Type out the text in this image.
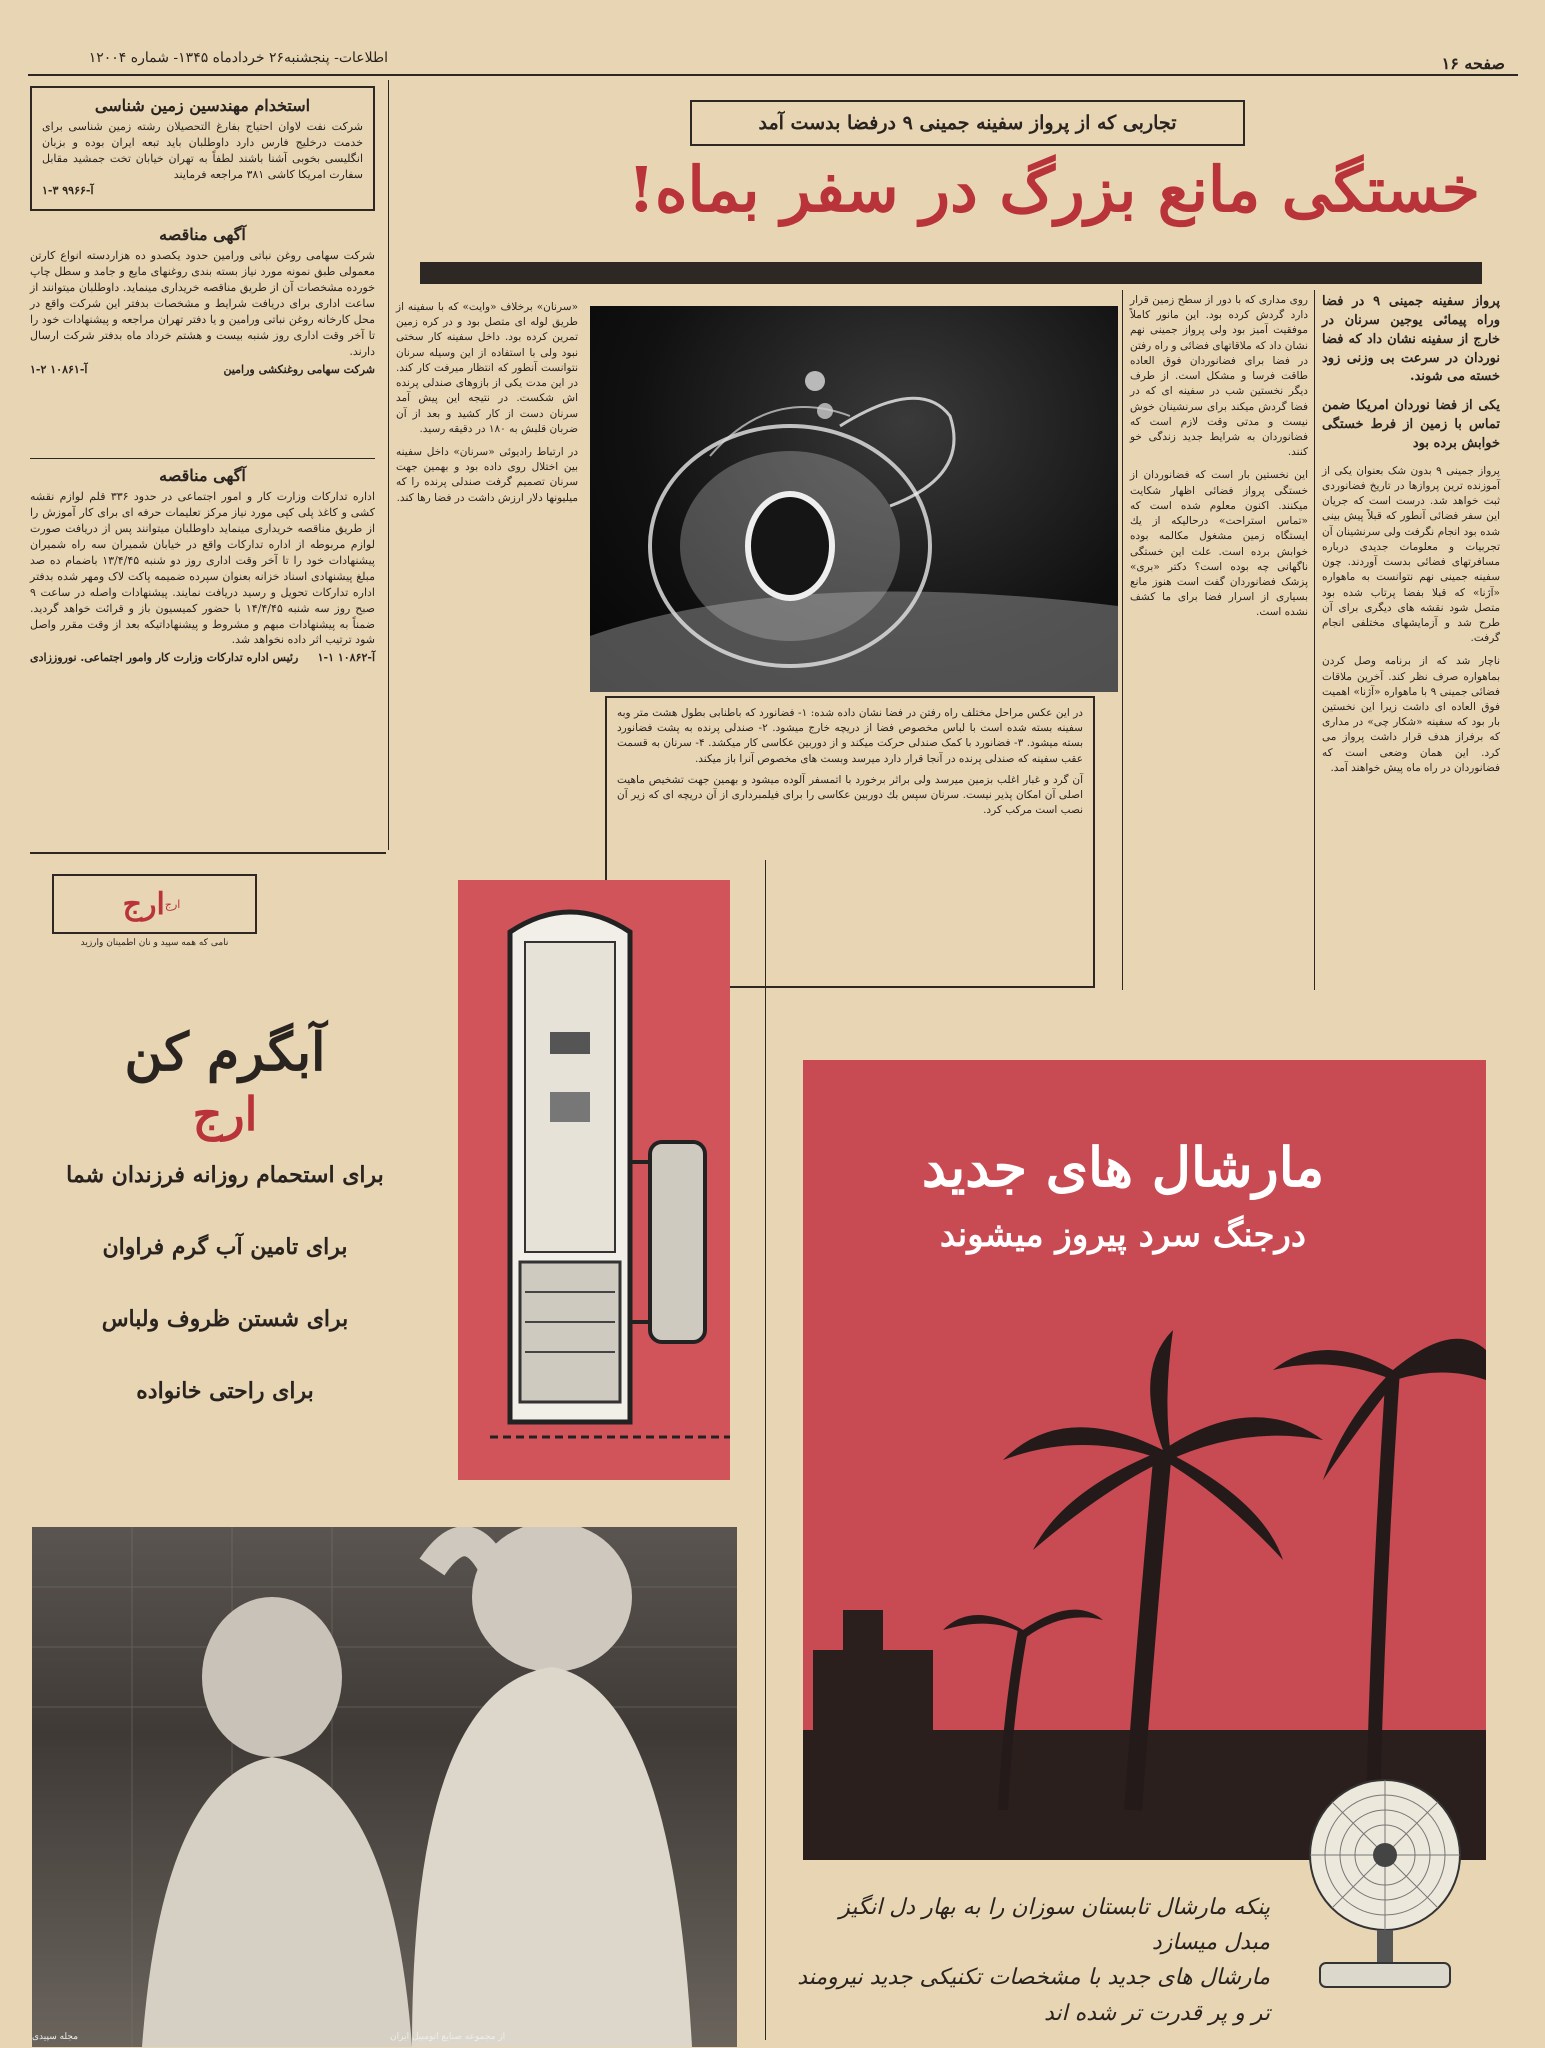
اطلاعات- پنجشنبه۲۶ خردادماه ۱۳۴۵- شماره ۱۲۰۰۴	صفحه ۱۶
استخدام مهندسین زمین شناسی
شرکت نفت لاوان احتیاج بفارغ التحصیلان رشته زمین شناسی برای خدمت درخلیج فارس دارد داوطلبان باید تبعه ایران بوده و بزبان انگلیسی بخوبی آشنا باشند لطفاً به تهران خیابان تخت جمشید مقابل سفارت امریکا کاشی ۳۸۱ مراجعه فرمایند
آ-۹۹۶۶ ۳-۱
آگهی مناقصه
شرکت سهامی روغن نباتی ورامین حدود یکصدو ده هزاردسته انواع کارتن معمولی طبق نمونه مورد نیاز بسته بندی روغنهای مایع و جامد و سطل چاپ خورده مشخصات آن از طریق مناقصه خریداری مینماید. داوطلبان میتوانند از ساعت اداری برای دریافت شرایط و مشخصات بدفتر این شرکت واقع در محل کارخانه روغن نباتی ورامین و یا دفتر تهران مراجعه و پیشنهادات خود را تا آخر وقت اداری روز شنبه بیست و هشتم خرداد ماه بدفتر شرکت ارسال دارند.
شرکت سهامی روغنکشی ورامین
آ-۱۰۸۶۱ ۲-۱
آگهی مناقصه
اداره تدارکات وزارت کار و امور اجتماعی در حدود ۳۳۶ قلم لوازم نقشه کشی و کاغذ پلی کپی مورد نیاز مرکز تعلیمات حرفه ای برای کار آموزش را از طریق مناقصه خریداری مینماید داوطلبان میتوانند پس از دریافت صورت لوازم مربوطه از اداره تدارکات واقع در خیابان شمیران سه راه شمیران پیشنهادات خود را تا آخر وقت اداری روز دو شنبه ۱۳/۴/۴۵ باضمام ده صد مبلغ پیشنهادی اسناد خزانه بعنوان سپرده ضمیمه پاکت لاک ومهر شده بدفتر اداره تدارکات تحویل و رسید دریافت نمایند. پیشنهادات واصله در ساعت ۹ صبح روز سه شنبه ۱۴/۴/۴۵ با حضور کمیسیون باز و قرائت خواهد گردید. ضمناً به پیشنهادات مبهم و مشروط و پیشنهاداتیکه بعد از وقت مقرر واصل شود ترتیب اثر داده نخواهد شد.
آ-۱۰۸۶۲ ۱-۱
رئیس اداره تدارکات وزارت کار وامور اجتماعی. نوروززادی
تجاربی که از پرواز سفینه جمینی ۹ درفضا بدست آمد
خستگی مانع بزرگ در سفر بماه!
پرواز سفینه جمینی ۹ در فضا وراه پیمائی یوجین سرنان در خارج از سفینه نشان داد که فضا نوردان در سرعت بی وزنی زود خسته می شوند.
یکی از فضا نوردان امریکا ضمن تماس با زمین از فرط خستگی خوابش برده بود
پرواز جمینی ۹ بدون شک بعنوان یکی از آموزنده ترین پروازها در تاریخ فضانوردی ثبت خواهد شد. درست است که جریان این سفر فضائی آنطور که قبلاً پیش بینی شده بود انجام نگرفت ولی سرنشینان آن تجربیات و معلومات جدیدی درباره مسافرتهای فضائی بدست آوردند. چون سفینه جمینی نهم نتوانست به ماهواره «آژنا» که قبلا بفضا پرتاب شده بود متصل شود نقشه های دیگری برای آن طرح شد و آزمایشهای مختلفی انجام گرفت.
ناچار شد که از برنامه وصل کردن بماهواره صرف نظر کند. آخرین ملاقات فضائی جمینی ۹ با ماهواره «آژنا» اهمیت فوق العاده ای داشت زیرا این نخستین بار بود که سفینه «شکار چی» در مداری که برفراز هدف قرار داشت پرواز می کرد. این همان وضعی است که فضانوردان در راه ماه پیش خواهند آمد.
روی مداری که با دور از سطح زمین قرار دارد گردش کرده بود. این مانور کاملاً موفقیت آمیز بود ولی پرواز جمینی نهم نشان داد که ملاقاتهای فضائی و راه رفتن در فضا برای فضانوردان فوق العاده طاقت فرسا و مشکل است. از طرف دیگر نخستین شب در سفینه ای که در فضا گردش میکند برای سرنشینان خوش نیست و مدتی وقت لازم است که فضانوردان به شرایط جدید زندگی خو کنند.
این نخستین بار است که فضانوردان از خستگی پرواز فضائی اظهار شکایت میکنند. اکنون معلوم شده است که «تماس استراحت» درحالیکه از یك ایستگاه زمین مشغول مکالمه بوده خوابش برده است. علت این خستگی ناگهانی چه بوده است؟ دکتر «بری» پزشک فضانوردان گفت است هنوز مانع بسیاری از اسرار فضا برای ما کشف نشده است.
«سرنان» برخلاف «وایت» که با سفینه از طریق لوله ای متصل بود و در کره زمین تمرین کرده بود. داخل سفینه کار سختی نبود ولی با استفاده از این وسیله سرنان نتوانست آنطور که انتظار میرفت کار کند. در این مدت یکی از بازوهای صندلی پرنده اش شکست. در نتیجه این پیش آمد سرنان دست از کار کشید و بعد از آن ضربان قلبش به ۱۸۰ در دقیقه رسید.
در ارتباط رادیوئی «سرنان» داخل سفینه بین اختلال روی داده بود و بهمین جهت سرنان تصمیم گرفت صندلی پرنده را که میلیونها دلار ارزش داشت در فضا رها کند.
در این عکس مراحل مختلف راه رفتن در فضا نشان داده شده: ۱- فضانورد که باطنابی بطول هشت متر وبه سفینه بسته شده است با لباس مخصوص فضا از دریچه خارج میشود. ۲- صندلی پرنده به پشت فضانورد بسته میشود. ۳- فضانورد با کمک صندلی حرکت میکند و از دوربین عکاسی کار میکشد. ۴- سرنان به قسمت عقب سفینه که صندلی پرنده در آنجا قرار دارد میرسد وبست های مخصوص آنرا باز میکند.
آن گرد و غبار اغلب بزمین میرسد ولی براثر برخورد با اتمسفر آلوده میشود و بهمین جهت تشخیص ماهیت اصلی آن امکان پذیر نیست. سرنان سپس بك دوربین عكاسی را برای فیلمبرداری از آن دریچه ای که زیر آن نصب است مرکب کرد.
ارج ارج
نامی که همه سپید و نان اطمینان وارزید
آبگرم کن
ارج
برای استحمام روزانه فرزندان شما
برای تامین آب گرم فراوان
برای شستن ظروف ولباس
برای راحتی خانواده
مجله سپیدی	از مجموعه صنایع اتومبیل ایران
مارشال های جدید
درجنگ سرد پیروز میشوند
پنکه مارشال تابستان سوزان را به بهار دل انگیز مبدل میسازد
مارشال های جدید با مشخصات تکنیکی جدید نیرومند تر و پر قدرت تر شده اند
